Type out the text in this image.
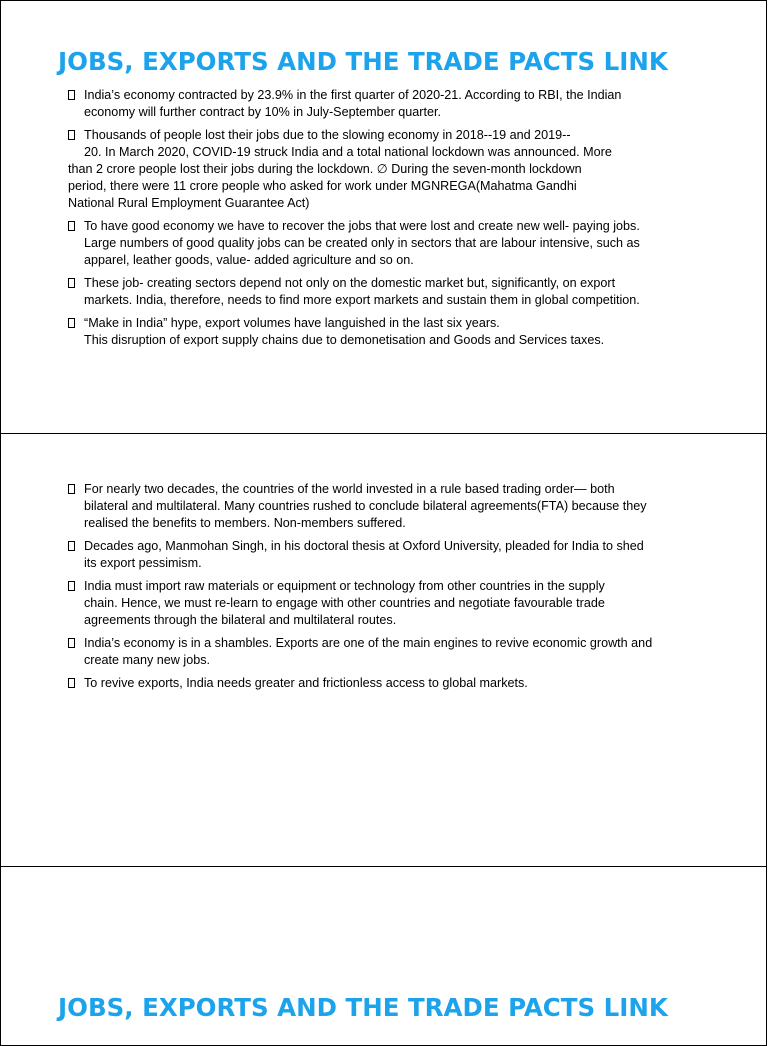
JOBS, EXPORTS AND THE TRADE PACTS LINK
India’s economy contracted by 23.9% in the first quarter of 2020-21. According to RBI, the Indian
economy will further contract by 10% in July-September quarter.
Thousands of people lost their jobs due to the slowing economy in 2018--19 and 2019--
20. In March 2020, COVID-19 struck India and a total national lockdown was announced. More
than 2 crore people lost their jobs during the lockdown. ∅ During the seven-month lockdown
period, there were 11 crore people who asked for work under MGNREGA(Mahatma Gandhi
National Rural Employment Guarantee Act)
To have good economy we have to recover the jobs that were lost and create new well- paying jobs.
Large numbers of good quality jobs can be created only in sectors that are labour intensive, such as
apparel, leather goods, value- added agriculture and so on.
These job- creating sectors depend not only on the domestic market but, significantly, on export
markets. India, therefore, needs to find more export markets and sustain them in global competition.
“Make in India” hype, export volumes have languished in the last six years.
This disruption of export supply chains due to demonetisation and Goods and Services taxes.
For nearly two decades, the countries of the world invested in a rule based trading order— both
bilateral and multilateral. Many countries rushed to conclude bilateral agreements(FTA) because they
realised the benefits to members. Non-members suffered.
Decades ago, Manmohan Singh, in his doctoral thesis at Oxford University, pleaded for India to shed
its export pessimism.
India must import raw materials or equipment or technology from other countries in the supply
chain. Hence, we must re-learn to engage with other countries and negotiate favourable trade
agreements through the bilateral and multilateral routes.
India’s economy is in a shambles. Exports are one of the main engines to revive economic growth and
create many new jobs.
To revive exports, India needs greater and frictionless access to global markets.
JOBS, EXPORTS AND THE TRADE PACTS LINK
